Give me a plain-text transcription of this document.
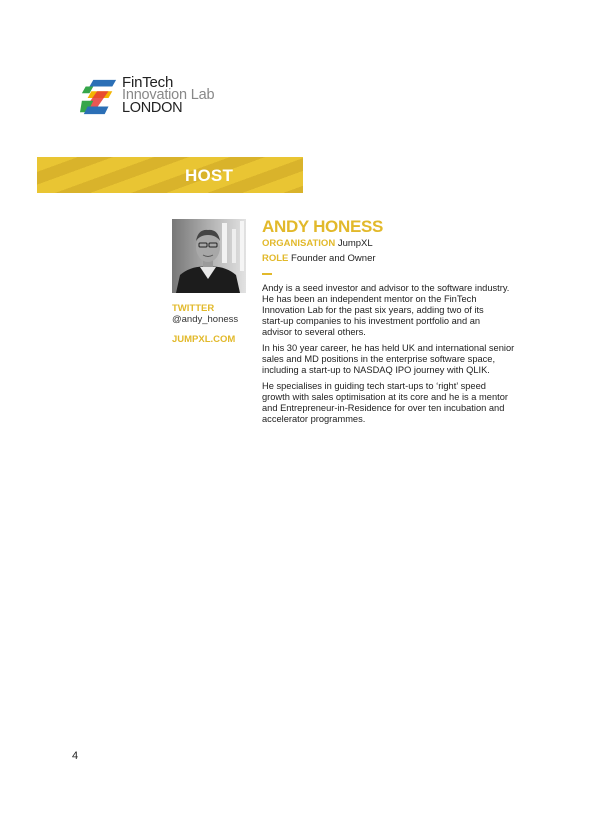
FinTech
Innovation Lab
LONDON
HOST
TWITTER
@andy_honess
JUMPXL.COM
ANDY HONESS
ORGANISATION JumpXL
ROLE Founder and Owner

Andy is a seed investor and advisor to the software industry.
He has been an independent mentor on the FinTech
Innovation Lab for the past six years, adding two of its
start-up companies to his investment portfolio and an
advisor to several others.

In his 30 year career, he has held UK and international senior
sales and MD positions in the enterprise software space,
including a start-up to NASDAQ IPO journey with QLIK.

He specialises in guiding tech start-ups to ‘right’ speed
growth with sales optimisation at its core and he is a mentor
and Entrepreneur-in-Residence for over ten incubation and
accelerator programmes.

4
